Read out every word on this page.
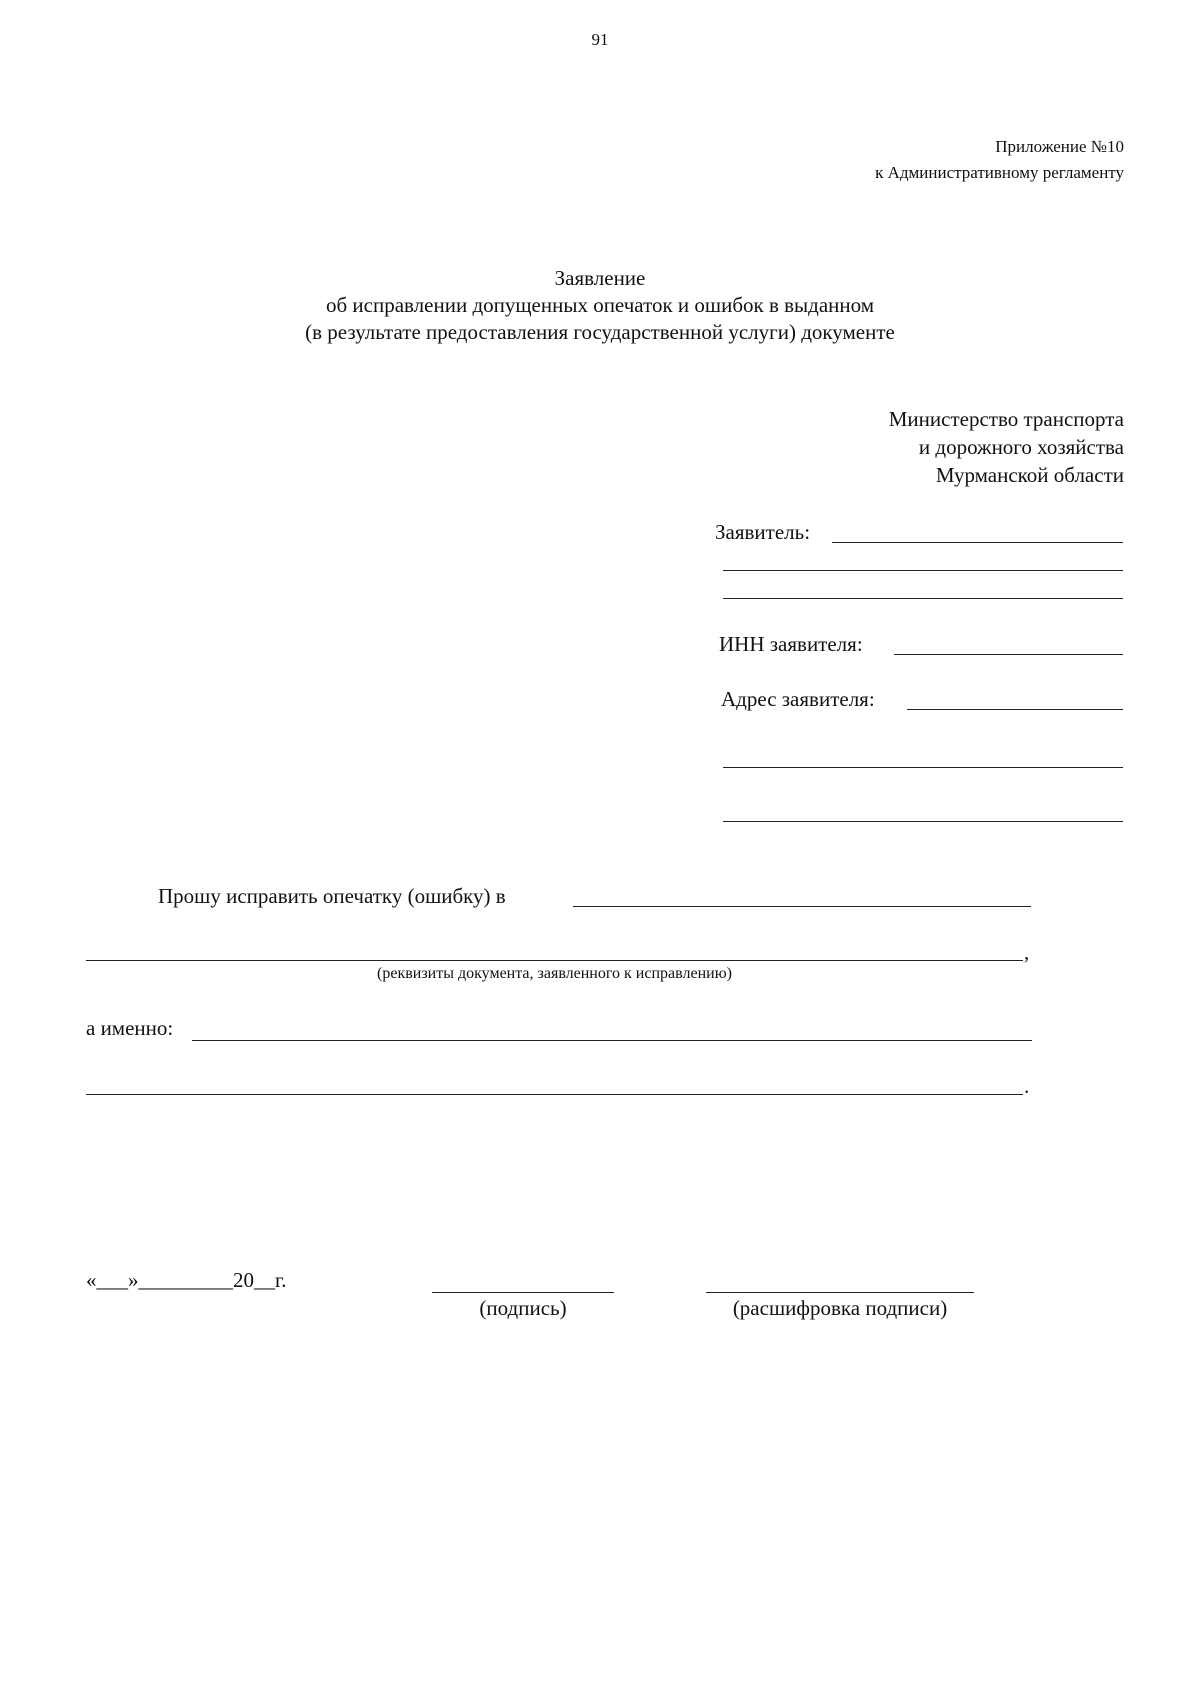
91
Приложение №10
к Административному регламенту
Заявление
об исправлении допущенных опечаток и ошибок в выданном
(в результате предоставления государственной услуги) документе
Министерство транспорта
и дорожного хозяйства
Мурманской области
Заявитель:
ИНН заявителя:
Адрес заявителя:
Прошу исправить опечатку (ошибку) в
,
(реквизиты документа, заявленного к исправлению)
а именно:
.
«___»_________20__г.
(подпись)	(расшифровка подписи)
